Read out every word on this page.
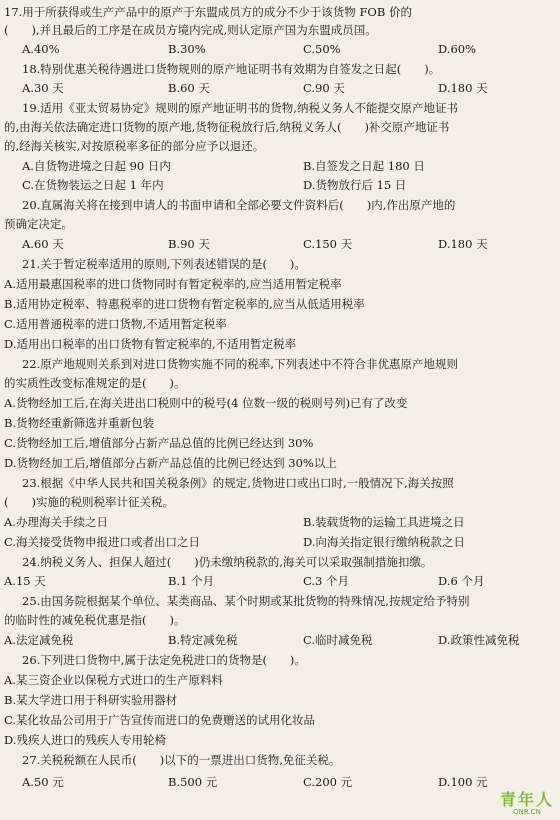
17.用于所获得或生产产品中的原产于东盟成员方的成分不少于该货物 FOB 价的
(　　),并且最后的工序是在成员方境内完成,则认定原产国为东盟成员国。
A.40%	B.30%	C.50%	D.60%
18.特别优惠关税待遇进口货物规则的原产地证明书有效期为自签发之日起(　　)。
A.30 天	B.60 天	C.90 天	D.180 天
19.适用《亚太贸易协定》规则的原产地证明书的货物,纳税义务人不能提交原产地证书
的,由海关依法确定进口货物的原产地,货物征税放行后,纳税义务人(　　)补交原产地证书
的,经海关核实,对按原税率多征的部分应予以退还。
A.自货物进境之日起 90 日内	B.自签发之日起 180 日
C.在货物装运之日起 1 年内	D.货物放行后 15 日
20.直属海关将在接到申请人的书面申请和全部必要文件资料后(　　)内,作出原产地的
预确定决定。
A.60 天	B.90 天	C.150 天	D.180 天
21.关于暂定税率适用的原则,下列表述错误的是(　　)。
A.适用最惠国税率的进口货物同时有暂定税率的,应当适用暂定税率
B.适用协定税率、特惠税率的进口货物有暂定税率的,应当从低适用税率
C.适用普通税率的进口货物,不适用暂定税率
D.适用出口税率的出口货物有暂定税率的,不适用暂定税率
22.原产地规则关系到对进口货物实施不同的税率,下列表述中不符合非优惠原产地规则
的实质性改变标准规定的是(　　)。
A.货物经加工后,在海关进出口税则中的税号(4 位数一级的税则号列)已有了改变
B.货物经重新筛选并重新包装
C.货物经加工后,增值部分占新产品总值的比例已经达到 30%
D.货物经加工后,增值部分占新产品总值的比例已经达到 30%以上
23.根据《中华人民共和国关税条例》的规定,货物进口或出口时,一般情况下,海关按照
(　　)实施的税则税率计征关税。
A.办理海关手续之日	B.装载货物的运输工具进境之日
C.海关接受货物申报进口或者出口之日	D.向海关指定银行缴纳税款之日
24.纳税义务人、担保人超过(　　)仍未缴纳税款的,海关可以采取强制措施扣缴。
A.15 天	B.1 个月	C.3 个月	D.6 个月
25.由国务院根据某个单位、某类商品、某个时期或某批货物的特殊情况,按规定给予特别
的临时性的减免税优惠是指(　　)。
A.法定减免税	B.特定减免税	C.临时减免税	D.政策性减免税
26.下列进口货物中,属于法定免税进口的货物是(　　)。
A.某三资企业以保税方式进口的生产原料料
B.某大学进口用于科研实验用器材
C.某化妆品公司用于广告宣传而进口的免费赠送的试用化妆品
D.残疾人进口的残疾人专用轮椅
27.关税税额在人民币(　　)以下的一票进出口货物,免征关税。
A.50 元	B.500 元	C.200 元	D.100 元
青年人
QNR.CN
